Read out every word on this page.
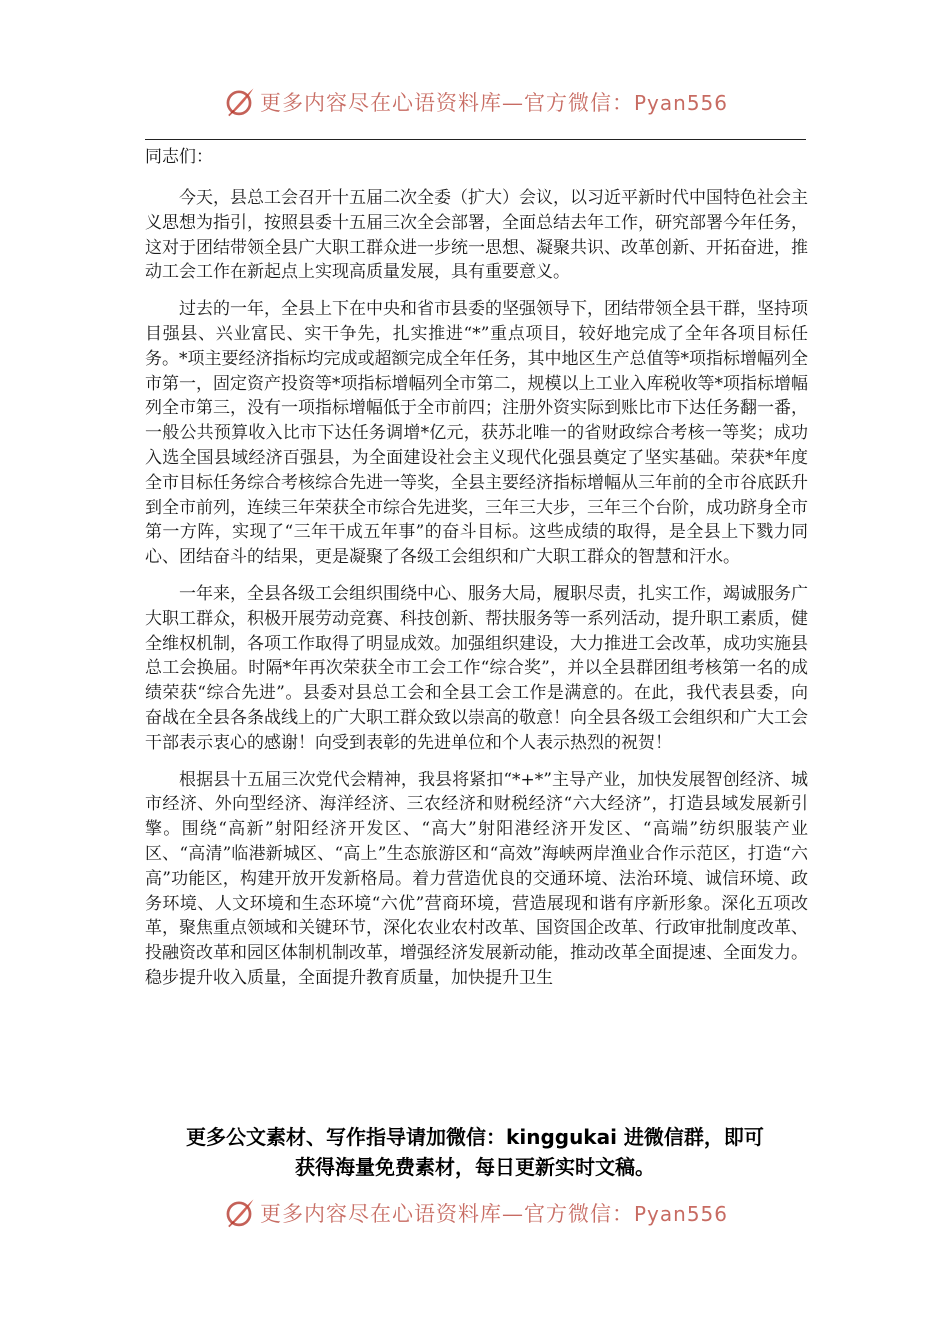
更多内容尽在心语资料库—官方微信：Pyan556

同志们：

今天，县总工会召开十五届二次全委（扩大）会议，以习近平新时代中国特色社会主义思想为指引，按照县委十五届三次全会部署，全面总结去年工作，研究部署今年任务，这对于团结带领全县广大职工群众进一步统一思想、凝聚共识、改革创新、开拓奋进，推动工会工作在新起点上实现高质量发展，具有重要意义。

过去的一年，全县上下在中央和省市县委的坚强领导下，团结带领全县干群，坚持项目强县、兴业富民、实干争先，扎实推进“*”重点项目，较好地完成了全年各项目标任务。*项主要经济指标均完成或超额完成全年任务，其中地区生产总值等*项指标增幅列全市第一，固定资产投资等*项指标增幅列全市第二，规模以上工业入库税收等*项指标增幅列全市第三，没有一项指标增幅低于全市前四；注册外资实际到账比市下达任务翻一番，一般公共预算收入比市下达任务调增*亿元，获苏北唯一的省财政综合考核一等奖；成功入选全国县域经济百强县，为全面建设社会主义现代化强县奠定了坚实基础。荣获*年度全市目标任务综合考核综合先进一等奖，全县主要经济指标增幅从三年前的全市谷底跃升到全市前列，连续三年荣获全市综合先进奖，三年三大步，三年三个台阶，成功跻身全市第一方阵，实现了“三年干成五年事”的奋斗目标。这些成绩的取得，是全县上下戮力同心、团结奋斗的结果，更是凝聚了各级工会组织和广大职工群众的智慧和汗水。

一年来，全县各级工会组织围绕中心、服务大局，履职尽责，扎实工作，竭诚服务广大职工群众，积极开展劳动竞赛、科技创新、帮扶服务等一系列活动，提升职工素质，健全维权机制，各项工作取得了明显成效。加强组织建设，大力推进工会改革，成功实施县总工会换届。时隔*年再次荣获全市工会工作“综合奖”，并以全县群团组考核第一名的成绩荣获“综合先进”。县委对县总工会和全县工会工作是满意的。在此，我代表县委，向奋战在全县各条战线上的广大职工群众致以崇高的敬意！向全县各级工会组织和广大工会干部表示衷心的感谢！向受到表彰的先进单位和个人表示热烈的祝贺！

根据县十五届三次党代会精神，我县将紧扣“*+*”主导产业，加快发展智创经济、城市经济、外向型经济、海洋经济、三农经济和财税经济“六大经济”，打造县域发展新引擎。围绕“高新”射阳经济开发区、“高大”射阳港经济开发区、“高端”纺织服装产业区、“高清”临港新城区、“高上”生态旅游区和“高效”海峡两岸渔业合作示范区，打造“六高”功能区，构建开放开发新格局。着力营造优良的交通环境、法治环境、诚信环境、政务环境、人文环境和生态环境“六优”营商环境，营造展现和谐有序新形象。深化五项改革，聚焦重点领域和关键环节，深化农业农村改革、国资国企改革、行政审批制度改革、投融资改革和园区体制机制改革，增强经济发展新动能，推动改革全面提速、全面发力。稳步提升收入质量，全面提升教育质量，加快提升卫生

更多公文素材、写作指导请加微信：kinggukai 进微信群，即可
获得海量免费素材，每日更新实时文稿。
更多内容尽在心语资料库—官方微信：Pyan556
